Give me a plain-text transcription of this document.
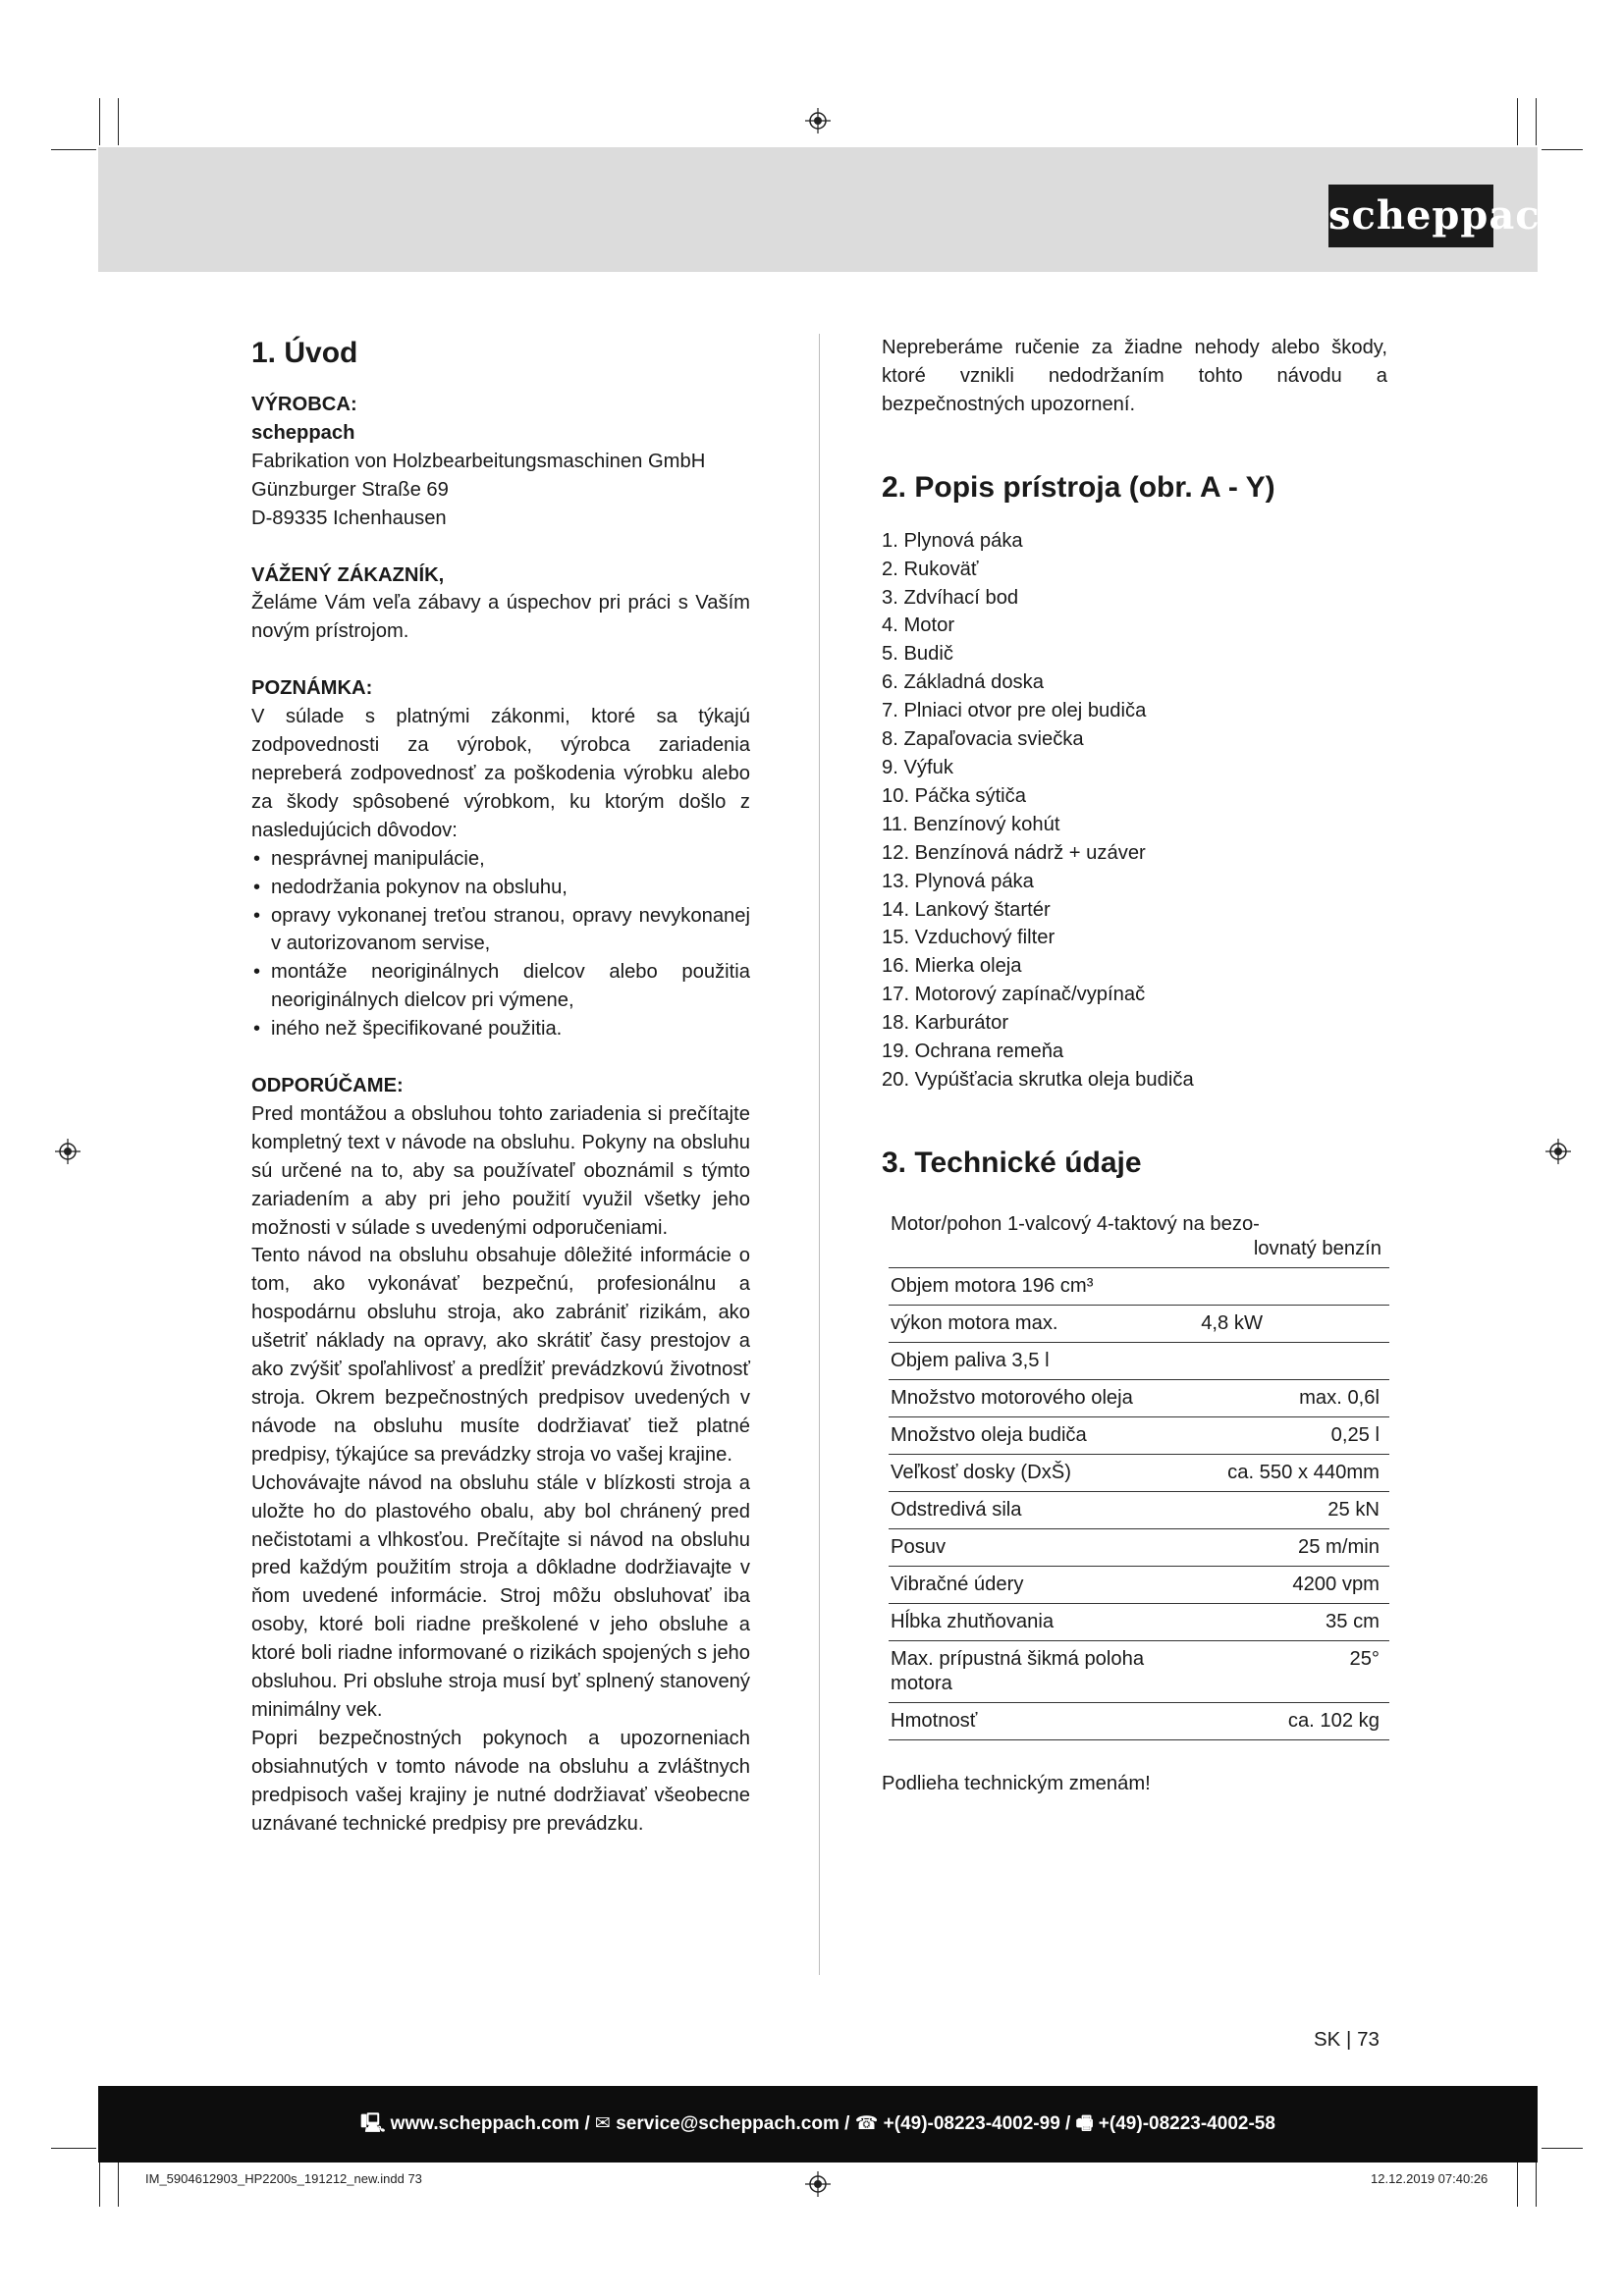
scheppach
1. Úvod

VÝROBCA:

scheppach

Fabrikation von Holzbearbeitungsmaschinen GmbH

Günzburger Straße 69

D-89335 Ichenhausen

VÁŽENÝ ZÁKAZNÍK,

Želáme Vám veľa zábavy a úspechov pri práci s Vaším novým prístrojom.

POZNÁMKA:

V súlade s platnými zákonmi, ktoré sa týkajú zodpovednosti za výrobok, výrobca zariadenia nepreberá zodpovednosť za poškodenia výrobku alebo za škody spôsobené výrobkom, ku ktorým došlo z nasledujúcich dôvodov:

• nesprávnej manipulácie,
• nedodržania pokynov na obsluhu,
• opravy vykonanej treťou stranou, opravy nevykonanej v autorizovanom servise,
• montáže neoriginálnych dielcov alebo použitia neoriginálnych dielcov pri výmene,
• iného než špecifikované použitia.

ODPORÚČAME:

Pred montážou a obsluhou tohto zariadenia si prečítajte kompletný text v návode na obsluhu. Pokyny na obsluhu sú určené na to, aby sa používateľ oboznámil s týmto zariadením a aby pri jeho použití využil všetky jeho možnosti v súlade s uvedenými odporučeniami.

Tento návod na obsluhu obsahuje dôležité informácie o tom, ako vykonávať bezpečnú, profesionálnu a hospodárnu obsluhu stroja, ako zabrániť rizikám, ako ušetriť náklady na opravy, ako skrátiť časy prestojov a ako zvýšiť spoľahlivosť a predĺžiť prevádzkovú životnosť stroja. Okrem bezpečnostných predpisov uvedených v návode na obsluhu musíte dodržiavať tiež platné predpisy, týkajúce sa prevádzky stroja vo vašej krajine.

Uchovávajte návod na obsluhu stále v blízkosti stroja a uložte ho do plastového obalu, aby bol chránený pred nečistotami a vlhkosťou. Prečítajte si návod na obsluhu pred každým použitím stroja a dôkladne dodržiavajte v ňom uvedené informácie. Stroj môžu obsluhovať iba osoby, ktoré boli riadne preškolené v jeho obsluhe a ktoré boli riadne informované o rizikách spojených s jeho obsluhou. Pri obsluhe stroja musí byť splnený stanovený minimálny vek.

Popri bezpečnostných pokynoch a upozorneniach obsiahnutých v tomto návode na obsluhu a zvláštnych predpisoch vašej krajiny je nutné dodržiavať všeobecne uznávané technické predpisy pre prevádzku.

Nepreberáme ručenie za žiadne nehody alebo škody, ktoré vznikli nedodržaním tohto návodu a bezpečnostných upozornení.

2. Popis prístroja (obr. A - Y)
1. Plynová páka
2. Rukoväť
3. Zdvíhací bod
4. Motor
5. Budič
6. Základná doska
7. Plniaci otvor pre olej budiča
8. Zapaľovacia sviečka
9. Výfuk
10. Páčka sýtiča
11. Benzínový kohút
12. Benzínová nádrž + uzáver
13. Plynová páka
14. Lankový štartér
15. Vzduchový filter
16. Mierka oleja
17. Motorový zapínač/vypínač
18. Karburátor
19. Ochrana remeňa
20. Vypúšťacia skrutka oleja budiča
3. Technické údaje
Motor/pohon 1-valcový 4-taktový na bezo-
lovnatý benzín	

Objem motora 196 cm³	
výkon motora max.	4,8 kW
Objem paliva 3,5 l	
Množstvo motorového oleja	max. 0,6l
Množstvo oleja budiča	0,25 l
Veľkosť dosky (DxŠ)	ca. 550 x 440mm
Odstredivá sila	25 kN
Posuv	25 m/min
Vibračné údery	4200 vpm
Hĺbka zhutňovania	35 cm
Max. prípustná šikmá poloha motora	25°
Hmotnosť	ca. 102 kg

Podlieha technickým zmenám!

SK | 73
🖳 www.scheppach.com / ✉ service@scheppach.com / ☎ +(49)-08223-4002-99 / 🖷 +(49)-08223-4002-58
IM_5904612903_HP2200s_191212_new.indd 73	12.12.2019 07:40:26
